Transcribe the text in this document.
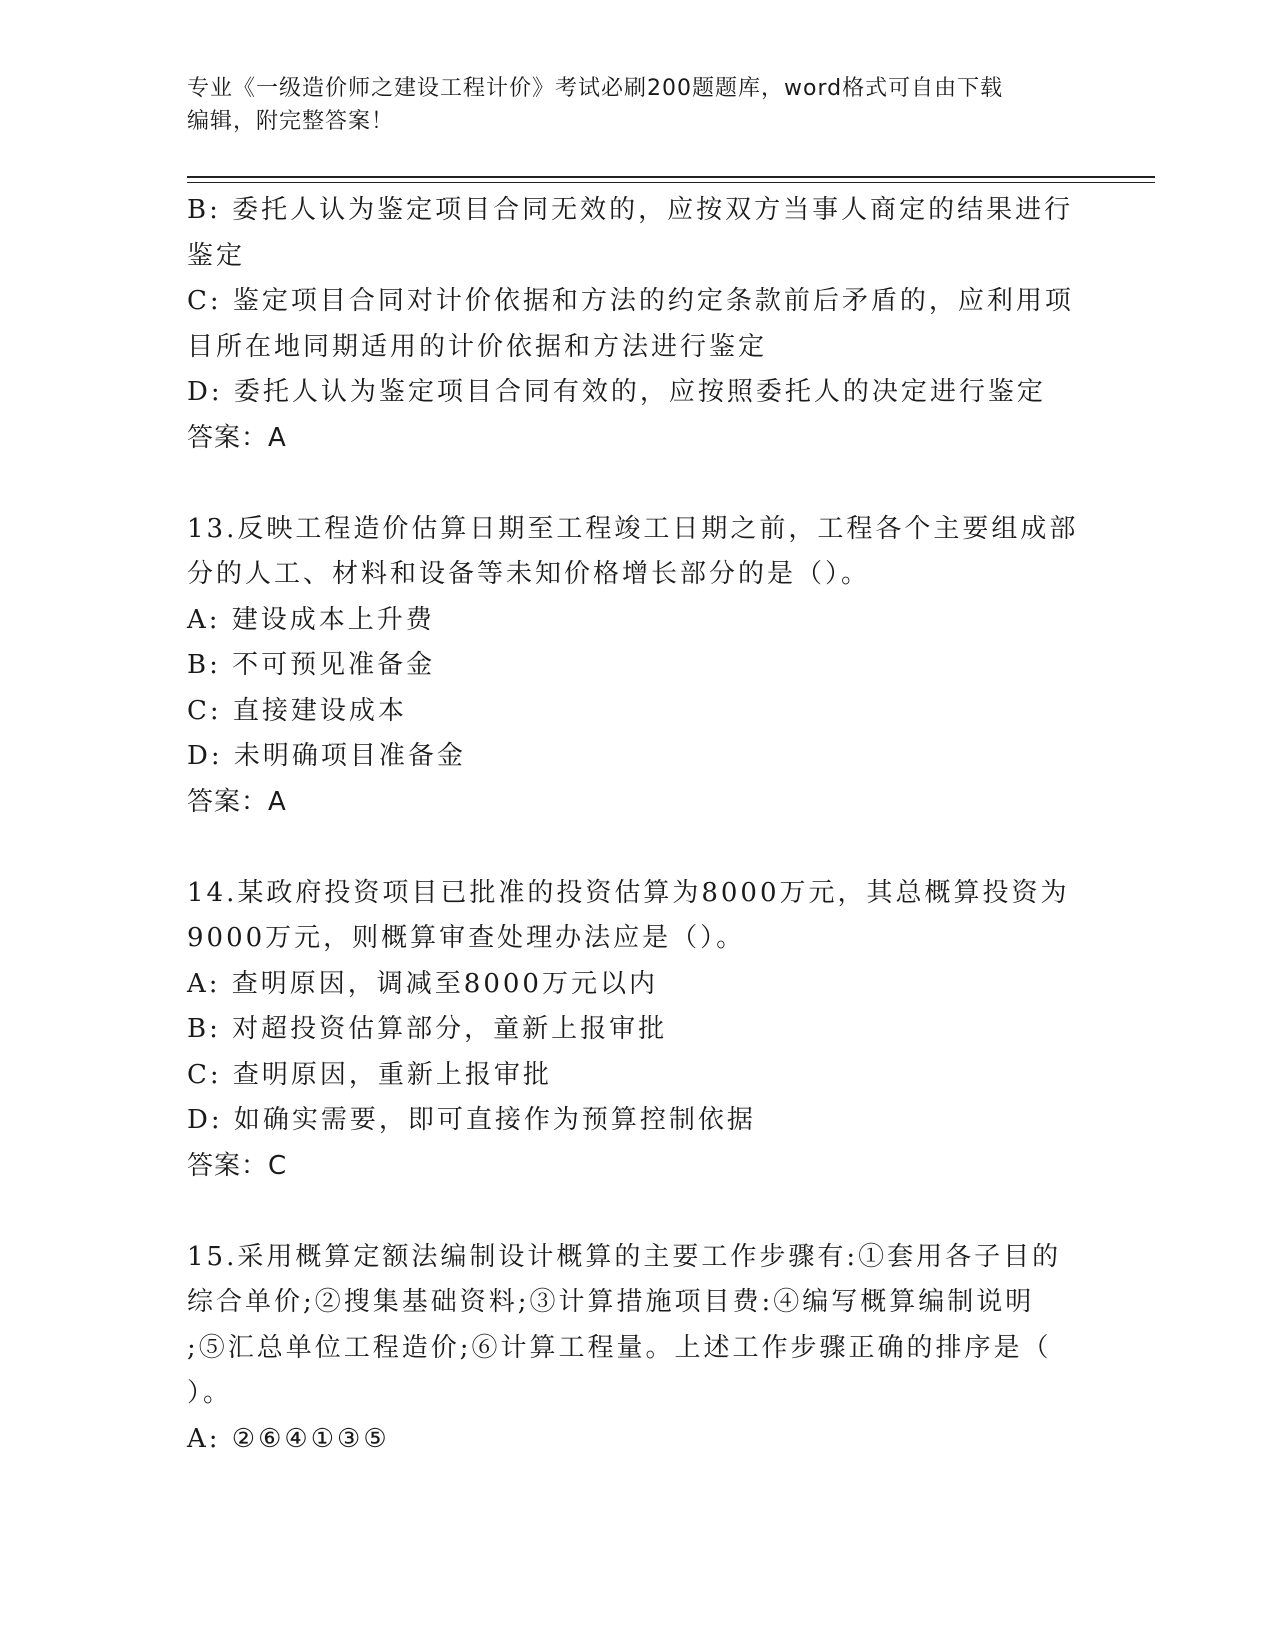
专业《一级造价师之建设工程计价》考试必刷200题题库，word格式可自由下载
编辑，附完整答案！
B: 委托人认为鉴定项目合同无效的，应按双方当事人商定的结果进行
鉴定
C: 鉴定项目合同对计价依据和方法的约定条款前后矛盾的，应利用项
目所在地同期适用的计价依据和方法进行鉴定
D: 委托人认为鉴定项目合同有效的，应按照委托人的决定进行鉴定
答案：A
13.反映工程造价估算日期至工程竣工日期之前，工程各个主要组成部
分的人工、材料和设备等未知价格增长部分的是（）。
A: 建设成本上升费
B: 不可预见准备金
C: 直接建设成本
D: 未明确项目准备金
答案：A
14.某政府投资项目已批准的投资估算为8000万元，其总概算投资为
9000万元，则概算审查处理办法应是（）。
A: 查明原因，调减至8000万元以内
B: 对超投资估算部分，童新上报审批
C: 查明原因，重新上报审批
D: 如确实需要，即可直接作为预算控制依据
答案：C
15.采用概算定额法编制设计概算的主要工作步骤有:①套用各子目的
综合单价;②搜集基础资料;③计算措施项目费:④编写概算编制说明
;⑤汇总单位工程造价;⑥计算工程量。上述工作步骤正确的排序是（
）。
A: ②⑥④①③⑤
